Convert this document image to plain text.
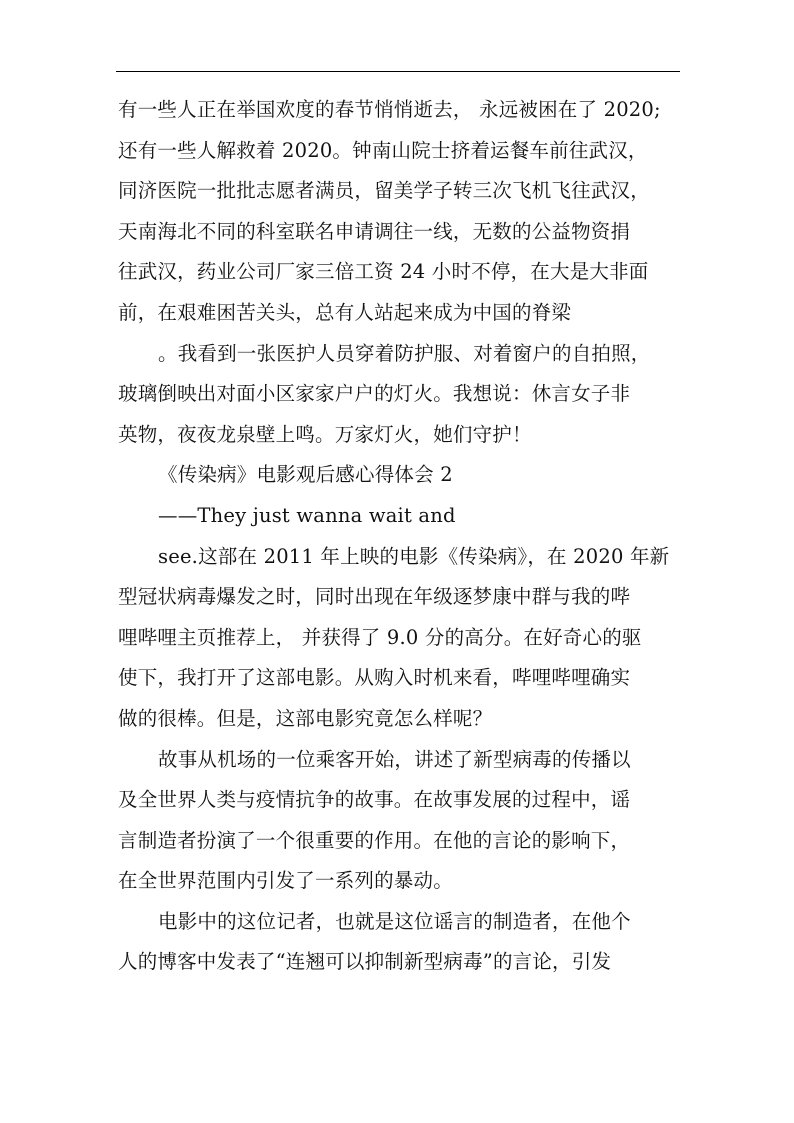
有一些人正在举国欢度的春节悄悄逝去， 永远被困在了 2020;
还有一些人解救着 2020。钟南山院士挤着运餐车前往武汉，
同济医院一批批志愿者满员，留美学子转三次飞机飞往武汉，
天南海北不同的科室联名申请调往一线，无数的公益物资捐
往武汉，药业公司厂家三倍工资 24 小时不停，在大是大非面
前，在艰难困苦关头，总有人站起来成为中国的脊梁
。我看到一张医护人员穿着防护服、对着窗户的自拍照，
玻璃倒映出对面小区家家户户的灯火。我想说：休言女子非
英物，夜夜龙泉壁上鸣。万家灯火，她们守护！
《传染病》电影观后感心得体会 2
——They just wanna wait and
see.这部在 2011 年上映的电影《传染病》，在 2020 年新
型冠状病毒爆发之时，同时出现在年级逐梦康中群与我的哔
哩哔哩主页推荐上， 并获得了 9.0 分的高分。在好奇心的驱
使下，我打开了这部电影。从购入时机来看，哔哩哔哩确实
做的很棒。但是，这部电影究竟怎么样呢？
故事从机场的一位乘客开始，讲述了新型病毒的传播以
及全世界人类与疫情抗争的故事。在故事发展的过程中，谣
言制造者扮演了一个很重要的作用。在他的言论的影响下，
在全世界范围内引发了一系列的暴动。
电影中的这位记者，也就是这位谣言的制造者，在他个
人的博客中发表了“连翘可以抑制新型病毒”的言论，引发
